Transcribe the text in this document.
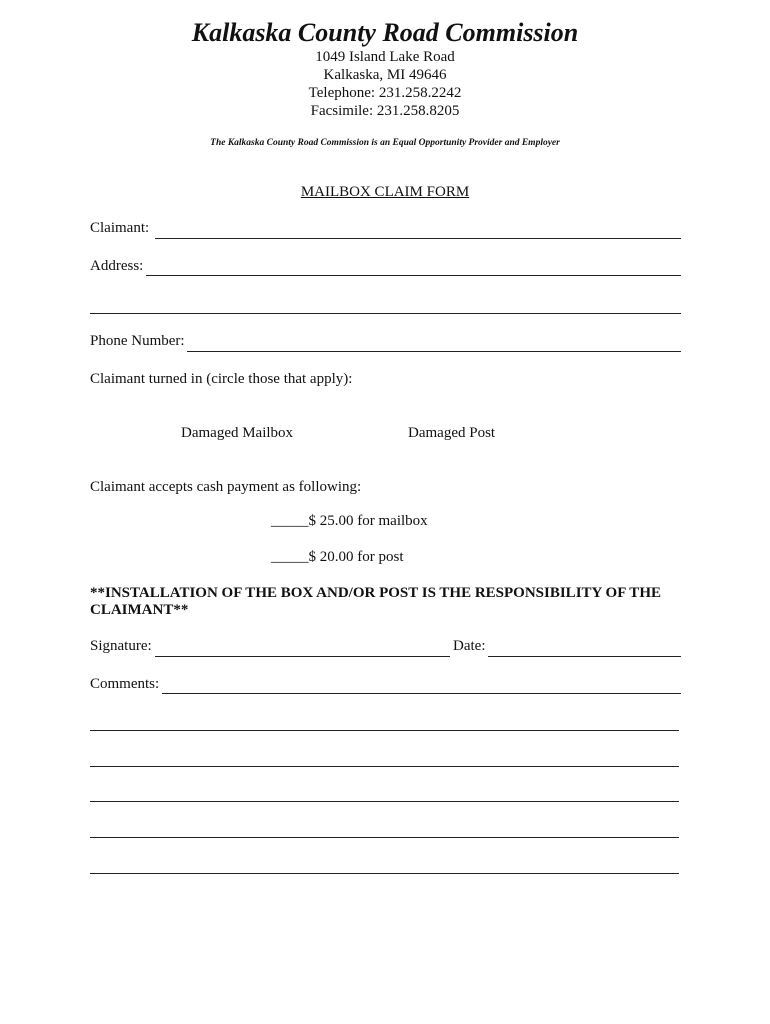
Kalkaska County Road Commission
1049 Island Lake Road
Kalkaska, MI 49646
Telephone: 231.258.2242
Facsimile: 231.258.8205
The Kalkaska County Road Commission is an Equal Opportunity Provider and Employer
MAILBOX CLAIM FORM
Claimant:
Address:
Phone Number:
Claimant turned in (circle those that apply):
Damaged Mailbox	Damaged Post
Claimant accepts cash payment as following:
_____$ 25.00 for mailbox
_____$ 20.00 for post
**INSTALLATION OF THE BOX AND/OR POST IS THE RESPONSIBILITY OF THE
CLAIMANT**
Signature:	Date:
Comments:
